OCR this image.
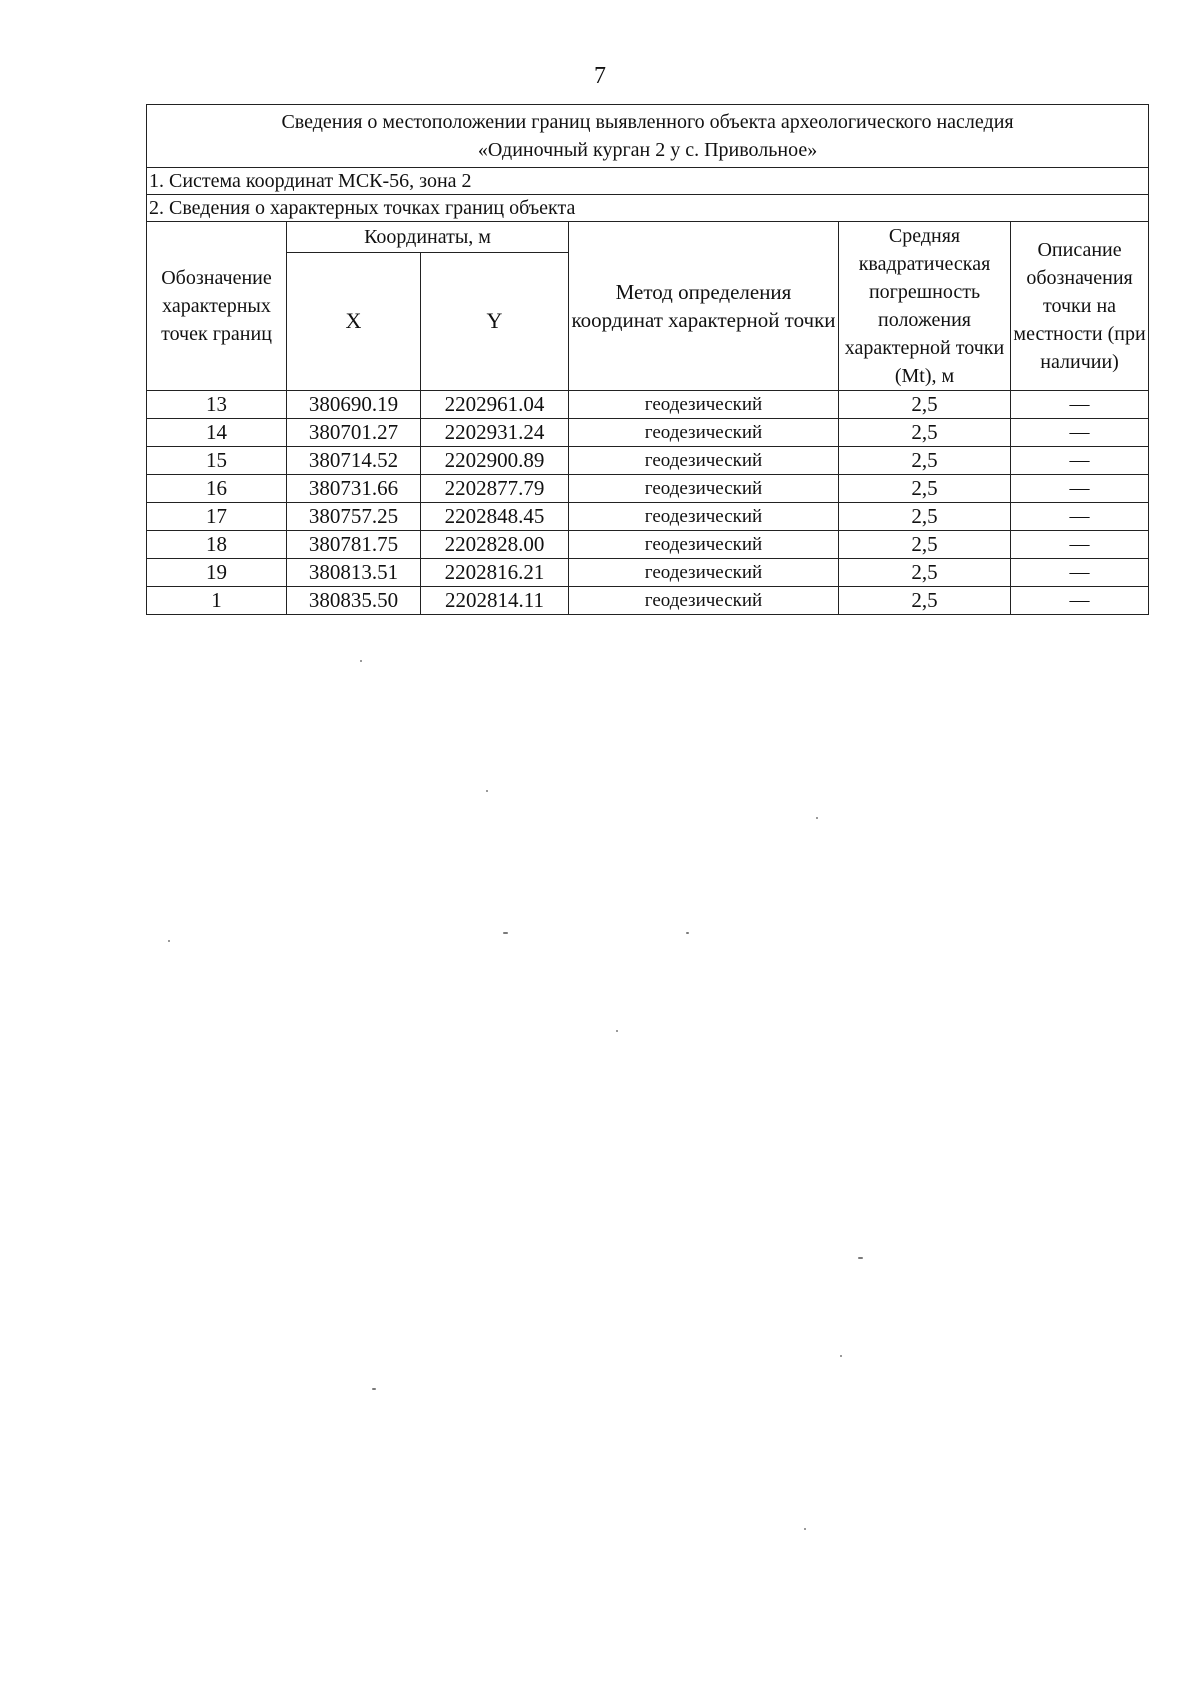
7
Сведения о местоположении границ выявленного объекта археологического наследия
«Одиночный курган 2 у с. Привольное»					

1. Система координат МСК-56, зона 2					
2. Сведения о характерных точках границ объекта					
Обозначение характерных точек границ	Координаты, м		Метод определения координат характерной точки	Средняя квадратическая погрешность положения характерной точки (Mt), м	Описание обозначения точки на местности (при наличии)
	X	Y			
13	380690.19	2202961.04	геодезический	2,5	—
14	380701.27	2202931.24	геодезический	2,5	—
15	380714.52	2202900.89	геодезический	2,5	—
16	380731.66	2202877.79	геодезический	2,5	—
17	380757.25	2202848.45	геодезический	2,5	—
18	380781.75	2202828.00	геодезический	2,5	—
19	380813.51	2202816.21	геодезический	2,5	—
1	380835.50	2202814.11	геодезический	2,5	—
